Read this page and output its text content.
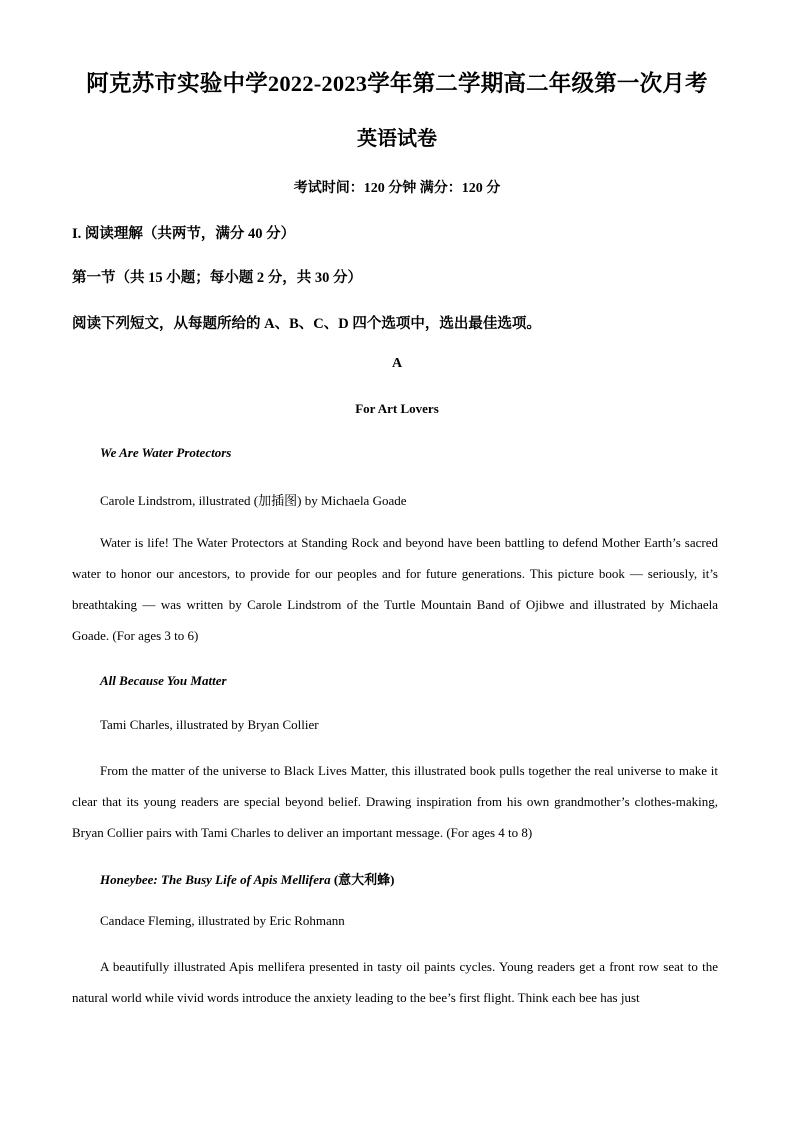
阿克苏市实验中学2022-2023学年第二学期高二年级第一次月考
英语试卷
考试时间：120 分钟 满分：120 分
I. 阅读理解（共两节，满分 40 分）
第一节（共 15 小题；每小题 2 分，共 30 分）
阅读下列短文，从每题所给的 A、B、C、D 四个选项中，选出最佳选项。
A
For Art Lovers
We Are Water Protectors
Carole Lindstrom, illustrated (加插图) by Michaela Goade
Water is life! The Water Protectors at Standing Rock and beyond have been battling to defend Mother Earth’s sacred water to honor our ancestors, to provide for our peoples and for future generations. This picture book — seriously, it’s breathtaking — was written by Carole Lindstrom of the Turtle Mountain Band of Ojibwe and illustrated by Michaela Goade. (For ages 3 to 6)
All Because You Matter
Tami Charles, illustrated by Bryan Collier
From the matter of the universe to Black Lives Matter, this illustrated book pulls together the real universe to make it clear that its young readers are special beyond belief. Drawing inspiration from his own grandmother’s clothes-making, Bryan Collier pairs with Tami Charles to deliver an important message. (For ages 4 to 8)
Honeybee: The Busy Life of Apis Mellifera (意大利蜂)
Candace Fleming, illustrated by Eric Rohmann
A beautifully illustrated Apis mellifera presented in tasty oil paints cycles. Young readers get a front row seat to the natural world while vivid words introduce the anxiety leading to the bee’s first flight. Think each bee has just
